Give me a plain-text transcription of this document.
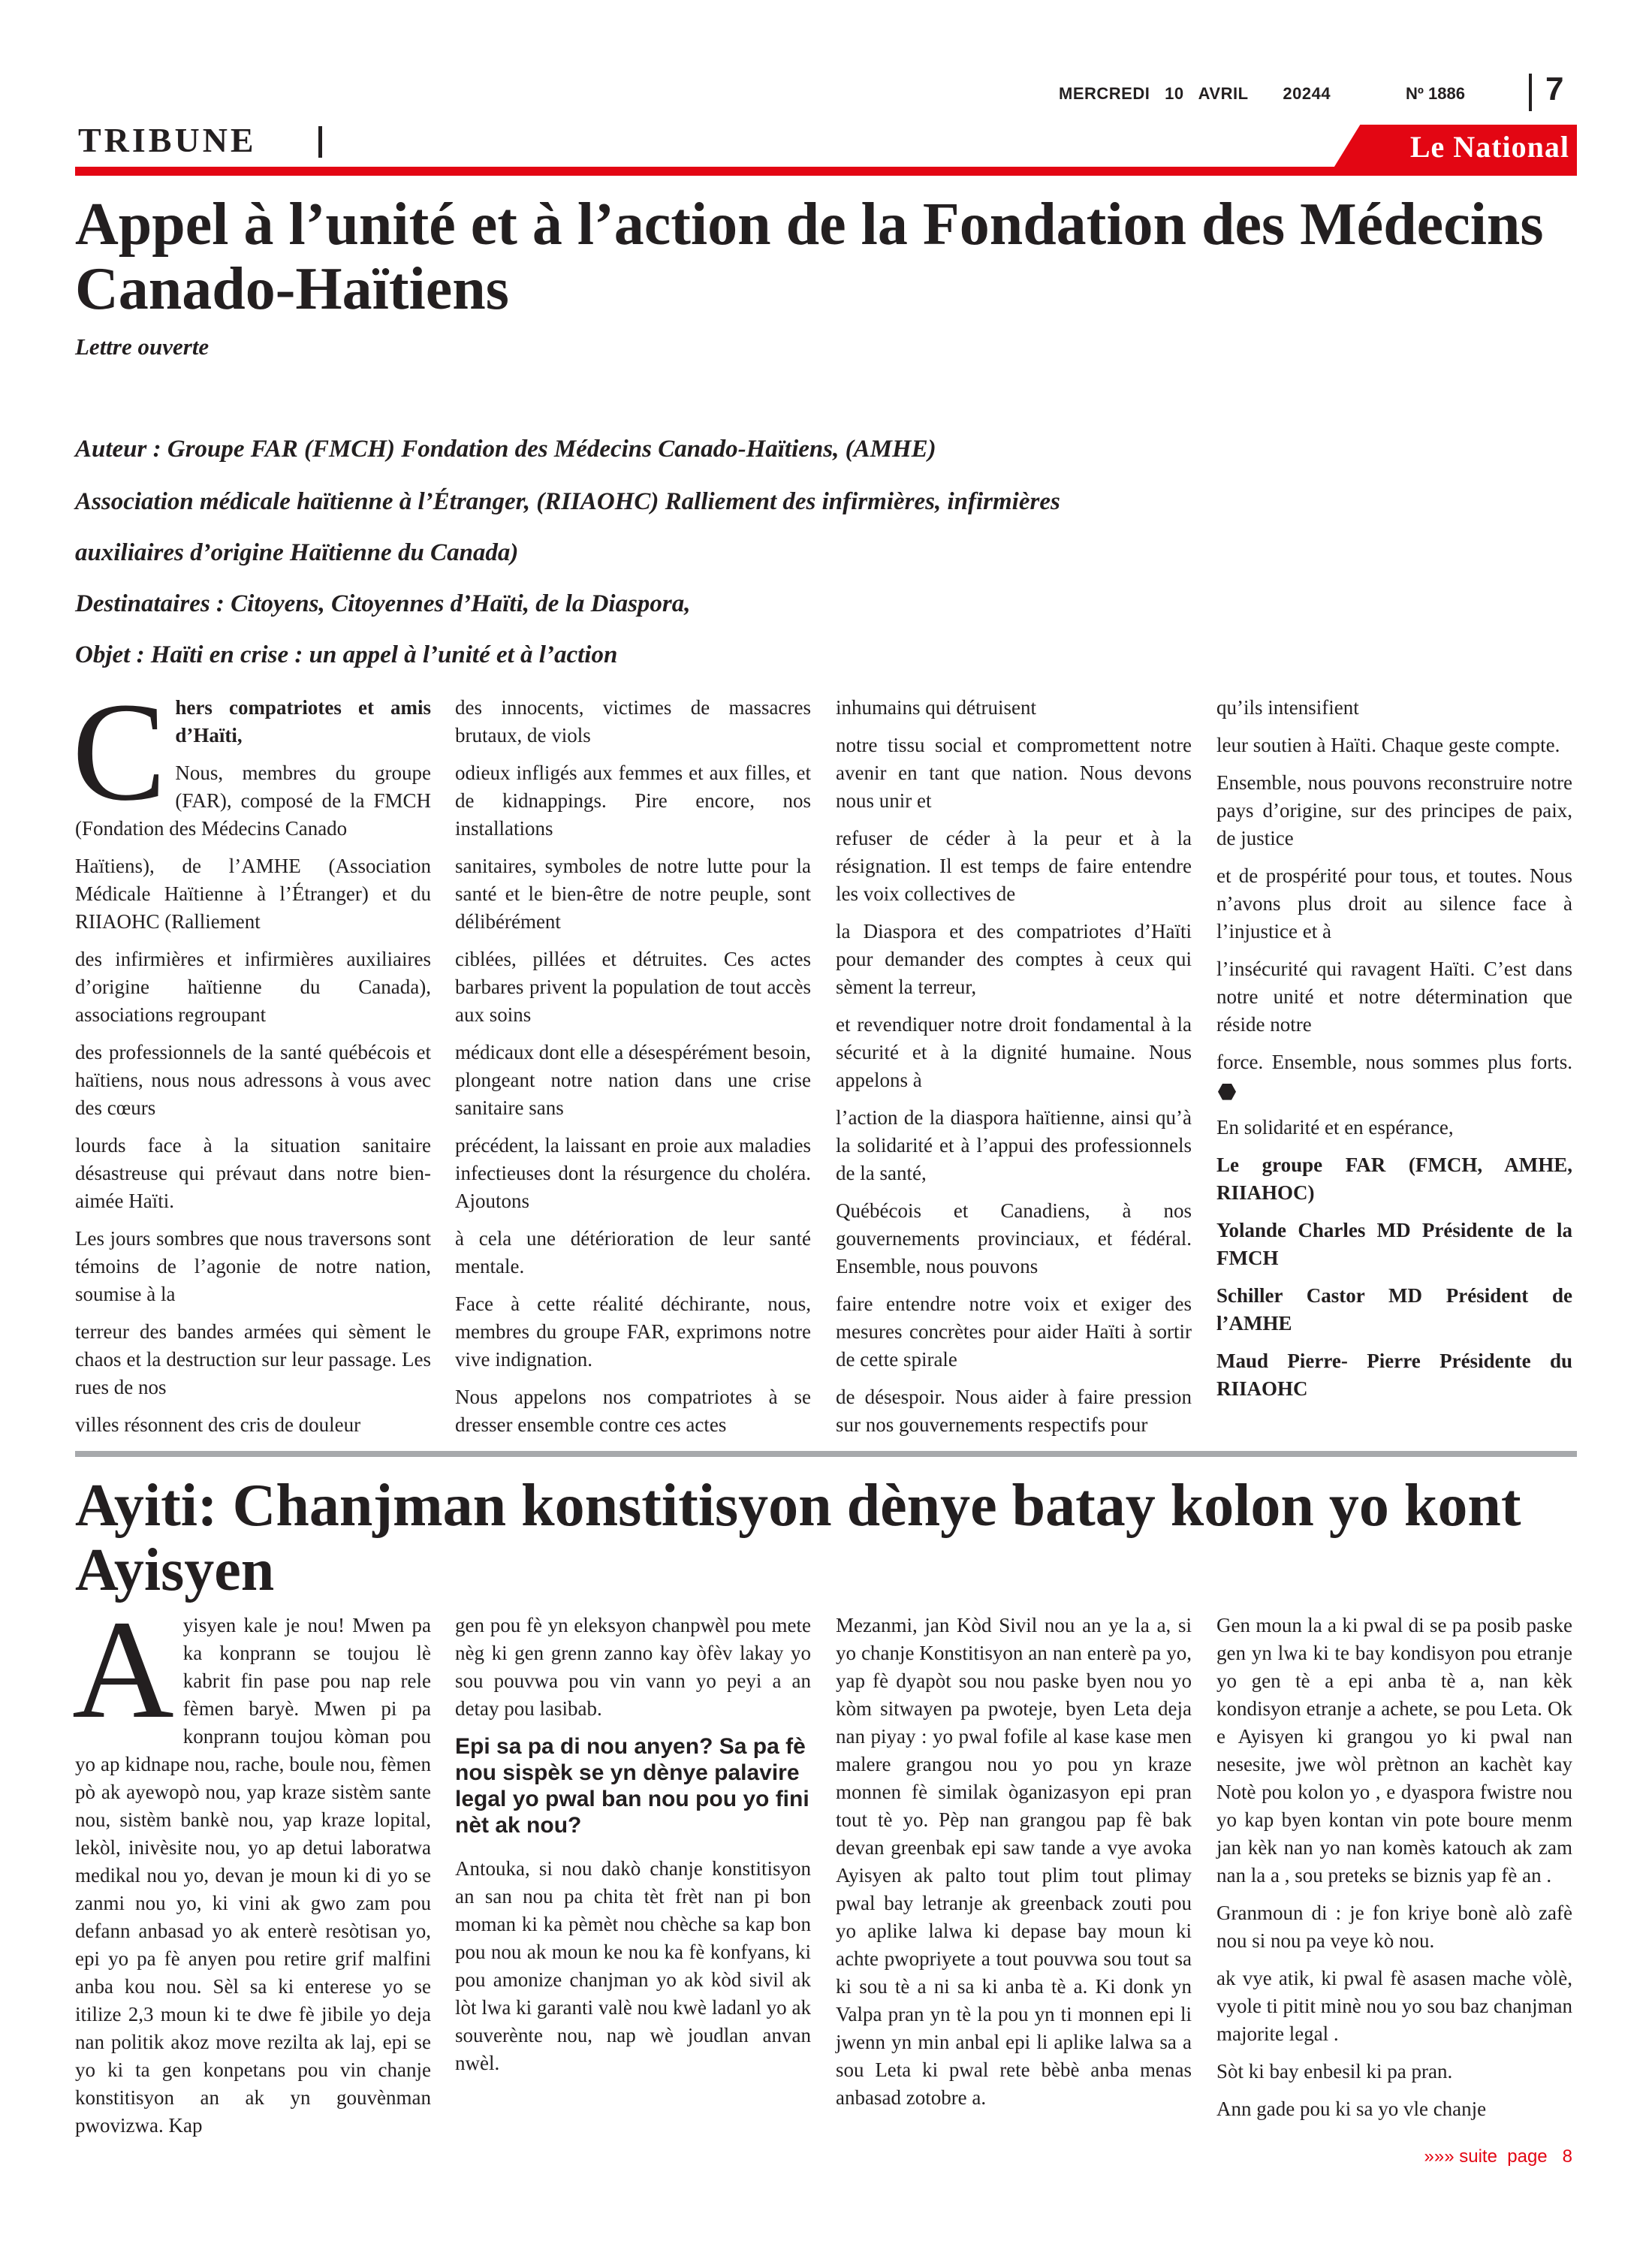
MERCREDI   10   AVRIL       20244	Nº 1886 7
TRIBUNE	Le National
Appel à l’unité et à l’action de la Fondation des Médecins Canado-Haïtiens
Lettre ouverte
Auteur : Groupe FAR (FMCH) Fondation des Médecins Canado-Haïtiens, (AMHE)
Association médicale haïtienne à l’Étranger, (RIIAOHC) Ralliement des infirmières, infirmières
auxiliaires d’origine Haïtienne du Canada)
Destinataires : Citoyens, Citoyennes d’Haïti, de la Diaspora,
Objet : Haïti en crise : un appel à l’unité et à l’action
C hers compatriotes et amis d’Haïti,

Nous, membres du groupe (FAR), composé de la FMCH (Fondation des Médecins Canado

Haïtiens), de l’AMHE (Association Médicale Haïtienne à l’Étranger) et du RIIAOHC (Ralliement

des infirmières et infirmières auxiliaires d’origine haïtienne du Canada), associations regroupant

des professionnels de la santé québécois et haïtiens, nous nous adressons à vous avec des cœurs

lourds face à la situation sanitaire désastreuse qui prévaut dans notre bien-aimée Haïti.

Les jours sombres que nous traversons sont témoins de l’agonie de notre nation, soumise à la

terreur des bandes armées qui sèment le chaos et la destruction sur leur passage. Les rues de nos

villes résonnent des cris de douleur

des innocents, victimes de massacres brutaux, de viols

odieux infligés aux femmes et aux filles, et de kidnappings. Pire encore, nos installations

sanitaires, symboles de notre lutte pour la santé et le bien-être de notre peuple, sont délibérément

ciblées, pillées et détruites. Ces actes barbares privent la population de tout accès aux soins

médicaux dont elle a désespérément besoin, plongeant notre nation dans une crise sanitaire sans

précédent, la laissant en proie aux maladies infectieuses dont la résurgence du choléra. Ajoutons

à cela une détérioration de leur santé mentale.

Face à cette réalité déchirante, nous, membres du groupe FAR, exprimons notre vive indignation.

Nous appelons nos compatriotes à se dresser ensemble contre ces actes

inhumains qui détruisent

notre tissu social et compromettent notre avenir en tant que nation. Nous devons nous unir et

refuser de céder à la peur et à la résignation. Il est temps de faire entendre les voix collectives de

la Diaspora et des compatriotes d’Haïti pour demander des comptes à ceux qui sèment la terreur,

et revendiquer notre droit fondamental à la sécurité et à la dignité humaine. Nous appelons à

l’action de la diaspora haïtienne, ainsi qu’à la solidarité et à l’appui des professionnels de la santé,

Québécois et Canadiens, à nos gouvernements provinciaux, et fédéral. Ensemble, nous pouvons

faire entendre notre voix et exiger des mesures concrètes pour aider Haïti à sortir de cette spirale

de désespoir. Nous aider à faire pression sur nos gouvernements respectifs pour

qu’ils intensifient

leur soutien à Haïti. Chaque geste compte.

Ensemble, nous pouvons reconstruire notre pays d’origine, sur des principes de paix, de justice

et de prospérité pour tous, et toutes. Nous n’avons plus droit au silence face à l’injustice et à

l’insécurité qui ravagent Haïti. C’est dans notre unité et notre détermination que réside notre

force. Ensemble, nous sommes plus forts.

En solidarité et en espérance,

Le groupe FAR (FMCH, AMHE, RIIAHOC)

Yolande Charles MD Présidente de la FMCH

Schiller Castor MD Président de l’AMHE

Maud Pierre- Pierre Présidente du RIIAOHC

Ayiti: Chanjman konstitisyon dènye batay kolon yo kont Ayisyen
A yisyen kale je nou! Mwen pa ka konprann se toujou lè kabrit fin pase pou nap rele fèmen baryè. Mwen pi pa konprann toujou kòman pou yo ap kidnape nou, rache, boule nou, fèmen pò ak ayewopò nou, yap kraze sistèm sante nou, sistèm bankè nou, yap kraze lopital, lekòl, inivèsite nou, yo ap detui laboratwa medikal nou yo, devan je moun ki di yo se zanmi nou yo, ki vini ak gwo zam pou defann anbasad yo ak enterè resòtisan yo, epi yo pa fè anyen pou retire grif malfini anba kou nou. Sèl sa ki enterese yo se itilize 2,3 moun ki te dwe fè jibile yo deja nan politik akoz move rezilta ak laj, epi se yo ki ta gen konpetans pou vin chanje konstitisyon an ak yn gouvènman pwovizwa. Kap

gen pou fè yn eleksyon chanpwèl pou mete nèg ki gen grenn zanno kay òfèv lakay yo sou pouvwa pou vin vann yo peyi a an detay pou lasibab.

Epi sa pa di nou anyen? Sa pa fè nou sispèk se yn dènye palavire legal yo pwal ban nou pou yo fini nèt ak nou?

Antouka, si nou dakò chanje konstitisyon an san nou pa chita tèt frèt nan pi bon moman ki ka pèmèt nou chèche sa kap bon pou nou ak moun ke nou ka fè konfyans, ki pou amonize chanjman yo ak kòd sivil ak lòt lwa ki garanti valè nou kwè ladanl yo ak souverènte nou, nap wè joudlan anvan nwèl.

Mezanmi, jan Kòd Sivil nou an ye la a, si yo chanje Konstitisyon an nan enterè pa yo, yap fè dyapòt sou nou paske byen nou yo kòm sitwayen pa pwoteje, byen Leta deja nan piyay : yo pwal fofile al kase kase men malere grangou nou yo pou yn kraze monnen fè similak òganizasyon epi pran tout tè yo. Pèp nan grangou pap fè bak devan greenbak epi saw tande a vye avoka Ayisyen ak palto tout plim tout plimay pwal bay letranje ak greenback zouti pou yo aplike lalwa ki depase bay moun ki achte pwopriyete a tout pouvwa sou tout sa ki sou tè a ni sa ki anba tè a. Ki donk yn Valpa pran yn tè la pou yn ti monnen epi li jwenn yn min anbal epi li aplike lalwa sa a sou Leta ki pwal rete bèbè anba menas anbasad zotobre a.

Gen moun la a ki pwal di se pa posib paske gen yn lwa ki te bay kondisyon pou etranje yo gen tè a epi anba tè a, nan kèk kondisyon etranje a achete, se pou Leta. Ok e Ayisyen ki grangou yo ki pwal nan nesesite, jwe wòl prètnon an kachèt kay Notè pou kolon yo , e dyaspora fwistre nou yo kap byen kontan vin pote boure menm jan kèk nan yo nan komès katouch ak zam nan la a , sou preteks se biznis yap fè an .

Granmoun di : je fon kriye bonè alò zafè nou si nou pa veye kò nou.

ak vye atik, ki pwal fè asasen mache vòlè, vyole ti pitit minè nou yo sou baz chanjman majorite legal .

Sòt ki bay enbesil ki pa pran.

Ann gade pou ki sa yo vle chanje

»»» suite  page   8
